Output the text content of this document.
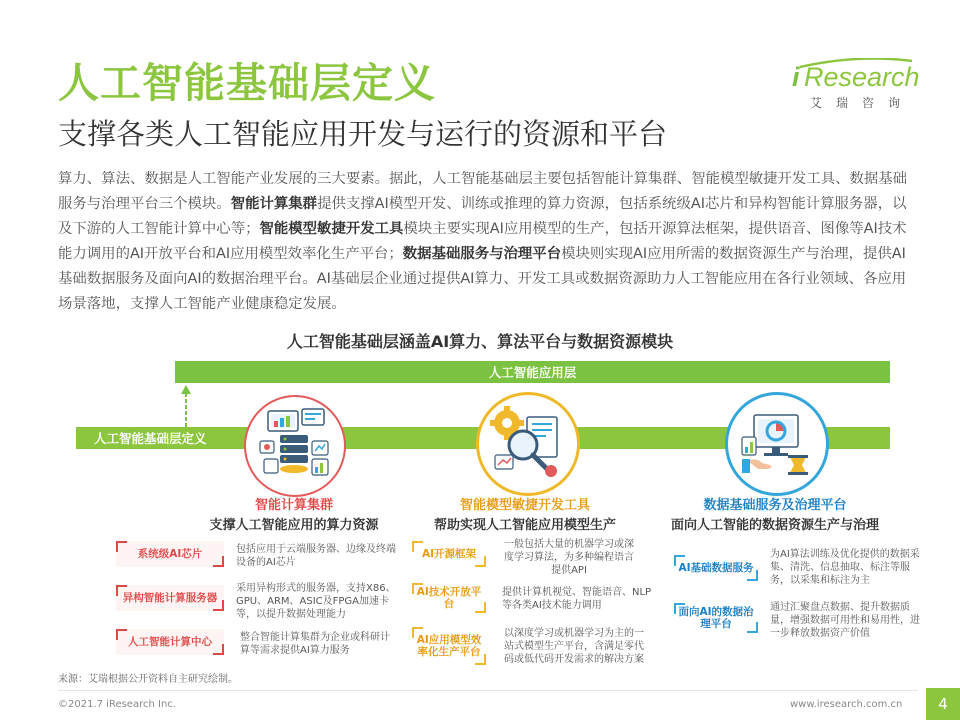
人工智能基础层定义
支撑各类人工智能应用开发与运行的资源和平台
i Research
艾瑞咨询
算力、算法、数据是人工智能产业发展的三大要素。据此，人工智能基础层主要包括智能计算集群、智能模型敏捷开发工具、数据基础服务与治理平台三个模块。智能计算集群提供支撑AI模型开发、训练或推理的算力资源，包括系统级AI芯片和异构智能计算服务器，以及下游的人工智能计算中心等；智能模型敏捷开发工具模块主要实现AI应用模型的生产，包括开源算法框架，提供语音、图像等AI技术能力调用的AI开放平台和AI应用模型效率化生产平台；数据基础服务与治理平台模块则实现AI应用所需的数据资源生产与治理，提供AI基础数据服务及面向AI的数据治理平台。AI基础层企业通过提供AI算力、开发工具或数据资源助力人工智能应用在各行业领域、各应用场景落地，支撑人工智能产业健康稳定发展。
人工智能基础层涵盖AI算力、算法平台与数据资源模块
人工智能应用层
人工智能基础层定义
智能计算集群
支撑人工智能应用的算力资源
智能模型敏捷开发工具
帮助实现人工智能应用模型生产
数据基础服务及治理平台
面向人工智能的数据资源生产与治理
系统级AI芯片	包括应用于云端服务器、边缘及终端设备的AI芯片
异构智能计算服务器
采用异构形式的服务器，支持X86、GPU、ARM、ASIC及FPGA加速卡等，以提升数据处理能力
人工智能计算中心	整合智能计算集群为企业或科研计算等需求提供AI算力服务
AI开源框架
一般包括大量的机器学习或深度学习算法，为多种编程语言提供API
AI技术开放平台
提供计算机视觉、智能语音、NLP等各类AI技术能力调用
AI应用模型效率化生产平台
以深度学习或机器学习为主的一站式模型生产平台，含满足零代码或低代码开发需求的解决方案
AI基础数据服务
为AI算法训练及优化提供的数据采集、清洗、信息抽取、标注等服务，以采集和标注为主
面向AI的数据治理平台
通过汇聚盘点数据、提升数据质量，增强数据可用性和易用性，进一步释放数据资产价值
来源：艾瑞根据公开资料自主研究绘制。
©2021.7 iResearch Inc.	www.iresearch.com.cn	4
